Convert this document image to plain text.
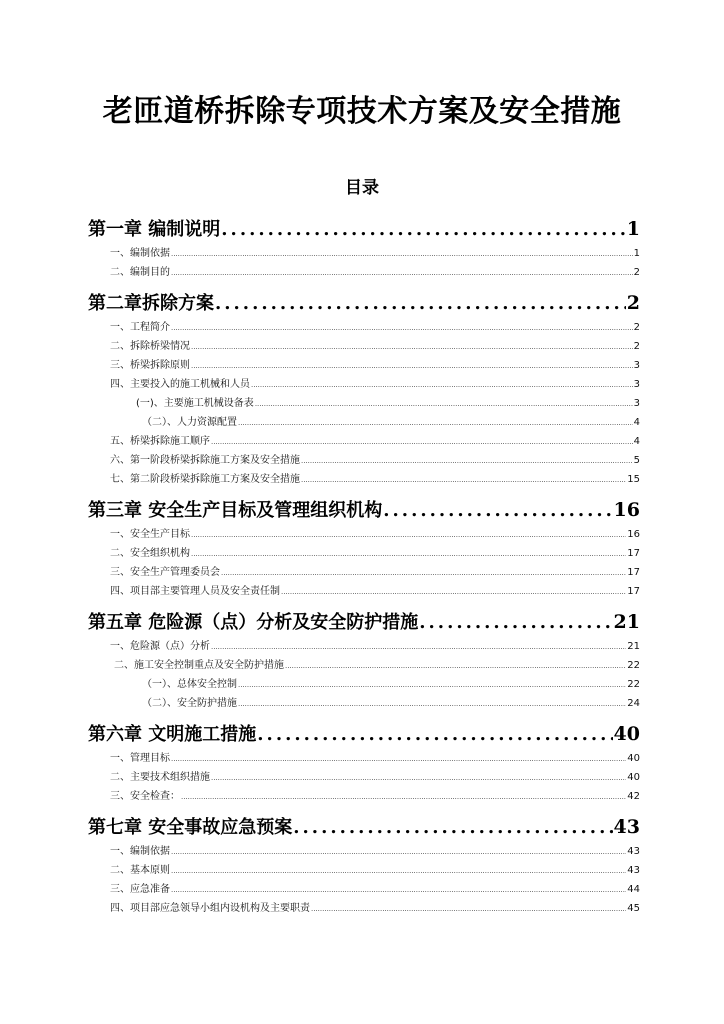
老匝道桥拆除专项技术方案及安全措施
目录
第一章 编制说明 .....	1
一、编制依据 .....	1
二、编制目的 .....	2
第二章拆除方案 .....	2
一、工程简介 .....	2
二、拆除桥梁情况 .....	2
三、桥梁拆除原则 .....	3
四、主要投入的施工机械和人员 .....	3
(一)、主要施工机械设备表 .....	3
（二）、人力资源配置 .....	4
五、桥梁拆除施工顺序 .....	4
六、第一阶段桥梁拆除施工方案及安全措施 .....	5
七、第二阶段桥梁拆除施工方案及安全措施 .....	15
第三章 安全生产目标及管理组织机构 .....	16
一、安全生产目标 .....	16
二、安全组织机构 .....	17
三、安全生产管理委员会 .....	17
四、项目部主要管理人员及安全责任制 .....	17
第五章 危险源（点）分析及安全防护措施 .....	21
一、危险源（点）分析 .....	21
二、施工安全控制重点及安全防护措施 .....	22
（一）、总体安全控制 .....	22
（二）、安全防护措施 .....	24
第六章 文明施工措施 .....	40
一、管理目标 .....	40
二、主要技术组织措施 .....	40
三、安全检查： .....	42
第七章 安全事故应急预案 .....	43
一、编制依据 .....	43
二、基本原则 .....	43
三、应急准备 .....	44
四、项目部应急领导小组内设机构及主要职责 .....	45
